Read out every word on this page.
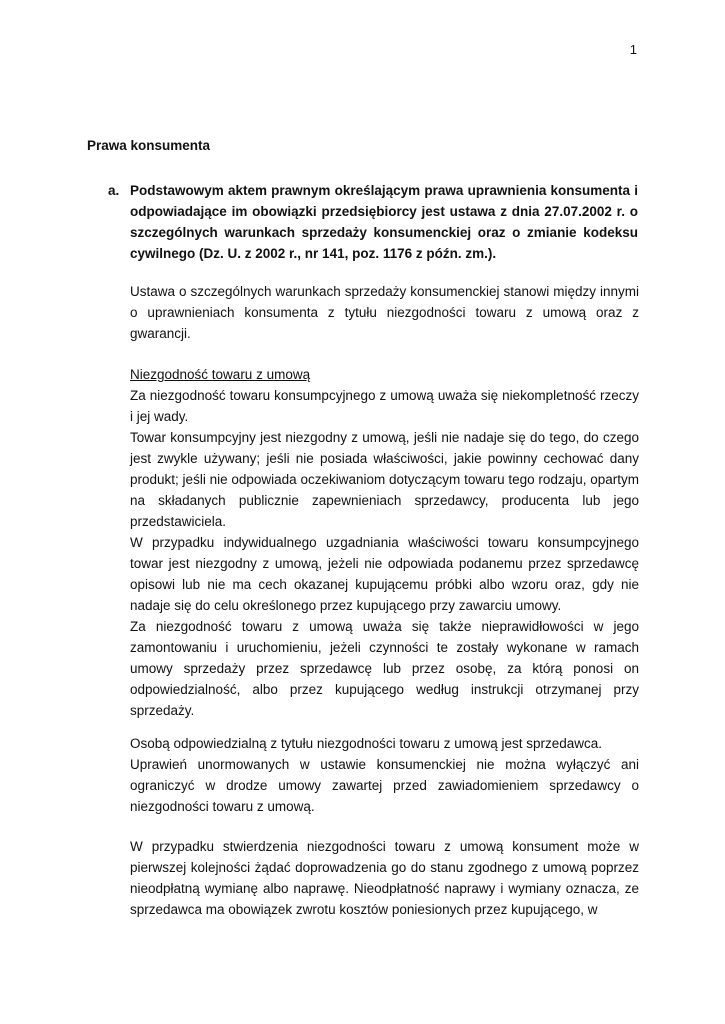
1
Prawa konsumenta
a. Podstawowym aktem prawnym określającym prawa uprawnienia konsumenta i odpowiadające im obowiązki przedsiębiorcy jest ustawa z dnia 27.07.2002 r. o szczególnych warunkach sprzedaży konsumenckiej oraz o zmianie kodeksu cywilnego (Dz. U. z 2002 r., nr 141, poz. 1176 z późn. zm.).

Ustawa o szczególnych warunkach sprzedaży konsumenckiej stanowi między innymi o uprawnieniach konsumenta z tytułu niezgodności towaru z umową oraz z gwarancji.

Niezgodność towaru z umową

Za niezgodność towaru konsumpcyjnego z umową uważa się niekompletność rzeczy i jej wady.

Towar konsumpcyjny jest niezgodny z umową, jeśli nie nadaje się do tego, do czego jest zwykle używany; jeśli nie posiada właściwości, jakie powinny cechować dany produkt; jeśli nie odpowiada oczekiwaniom dotyczącym towaru tego rodzaju, opartym na składanych publicznie zapewnieniach sprzedawcy, producenta lub jego przedstawiciela.

W przypadku indywidualnego uzgadniania właściwości towaru konsumpcyjnego towar jest niezgodny z umową, jeżeli nie odpowiada podanemu przez sprzedawcę opisowi lub nie ma cech okazanej kupującemu próbki albo wzoru oraz, gdy nie nadaje się do celu określonego przez kupującego przy zawarciu umowy.

Za niezgodność towaru z umową uważa się także nieprawidłowości w jego zamontowaniu i uruchomieniu, jeżeli czynności te zostały wykonane w ramach umowy sprzedaży przez sprzedawcę lub przez osobę, za którą ponosi on odpowiedzialność, albo przez kupującego według instrukcji otrzymanej przy sprzedaży.

Osobą odpowiedzialną z tytułu niezgodności towaru z umową jest sprzedawca.

Uprawień unormowanych w ustawie konsumenckiej nie można wyłączyć ani ograniczyć w drodze umowy zawartej przed zawiadomieniem sprzedawcy o niezgodności towaru z umową.

W przypadku stwierdzenia niezgodności towaru z umową konsument może w pierwszej kolejności żądać doprowadzenia go do stanu zgodnego z umową poprzez nieodpłatną wymianę albo naprawę. Nieodpłatność naprawy i wymiany oznacza, ze sprzedawca ma obowiązek zwrotu kosztów poniesionych przez kupującego, w
